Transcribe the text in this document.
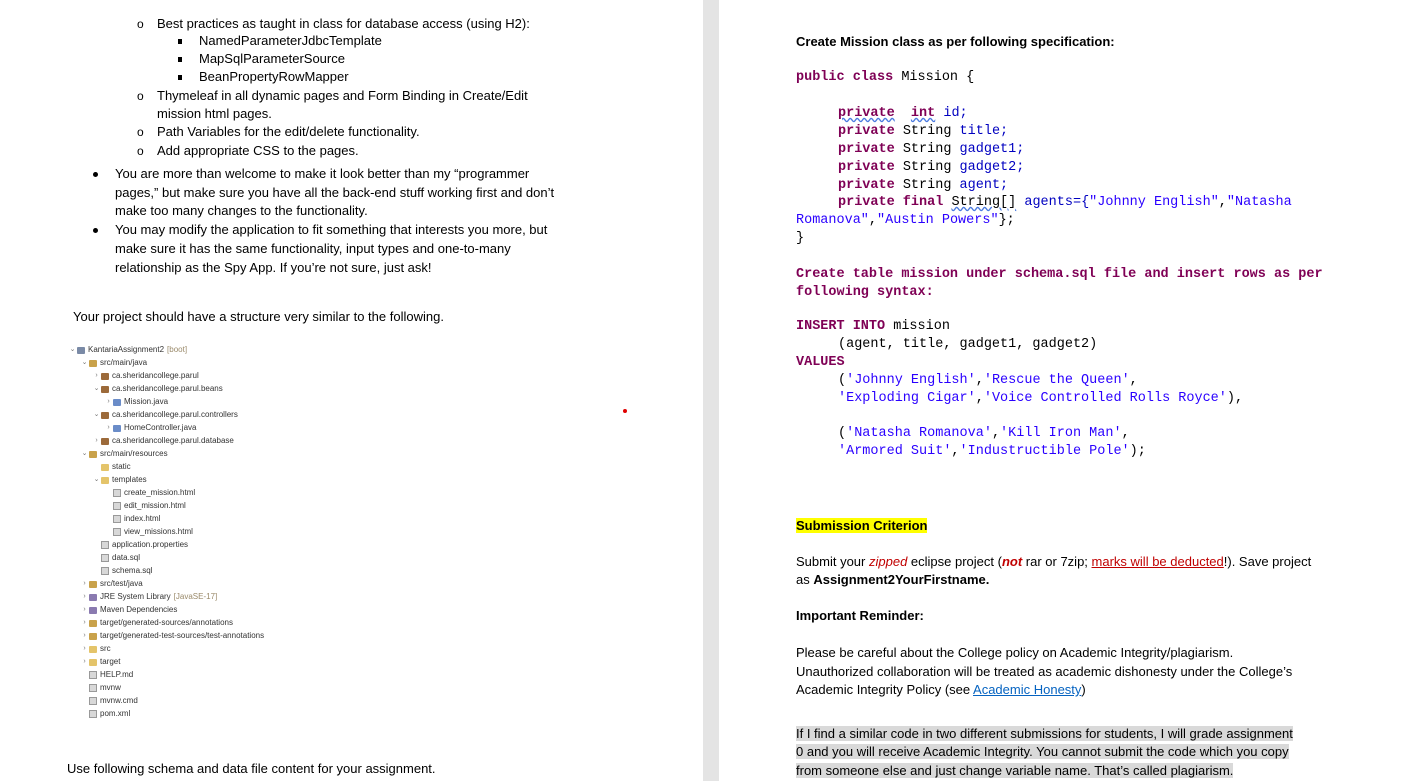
o Best practices as taught in class for database access (using H2):
NamedParameterJdbcTemplate
MapSqlParameterSource
BeanPropertyRowMapper
o Thymeleaf in all dynamic pages and Form Binding in Create/Edit
mission html pages.
o Path Variables for the edit/delete functionality.
o Add appropriate CSS to the pages.
You are more than welcome to make it look better than my “programmer
pages,” but make sure you have all the back-end stuff working first and don’t
make too many changes to the functionality.
You may modify the application to fit something that interests you more, but
make sure it has the same functionality, input types and one-to-many
relationship as the Spy App. If you’re not sure, just ask!
Your project should have a structure very similar to the following.
⌄ KantariaAssignment2 [boot]
⌄ src/main/java
›	ca.sheridancollege.parul
⌄ ca.sheridancollege.parul.beans
›	Mission.java
⌄ ca.sheridancollege.parul.controllers
›	HomeController.java
›	ca.sheridancollege.parul.database
⌄ src/main/resources
static
⌄ templates
create_mission.html
edit_mission.html
index.html
view_missions.html
application.properties
data.sql
schema.sql
›	src/test/java
›	JRE System Library [JavaSE-17]
›	Maven Dependencies
›	target/generated-sources/annotations
›	target/generated-test-sources/test-annotations
›	src
›	target
HELP.md
mvnw
mvnw.cmd
pom.xml
Use following schema and data file content for your assignment.
Create Mission class as per following specification:
public class Mission {
private int id;
private String title;
private String gadget1;
private String gadget2;
private String agent;
private final String[] agents={"Johnny English","Natasha
Romanova","Austin Powers"};
}
Create table mission under schema.sql file and insert rows as per
following syntax:
INSERT INTO mission
(agent, title, gadget1, gadget2)
VALUES
('Johnny English','Rescue the Queen',
'Exploding Cigar','Voice Controlled Rolls Royce'),
('Natasha Romanova','Kill Iron Man',
'Armored Suit','Industructible Pole');
Submission Criterion
Submit your zipped eclipse project (not rar or 7zip; marks will be deducted!). Save project
as Assignment2YourFirstname.
Important Reminder:
Please be careful about the College policy on Academic Integrity/plagiarism.
Unauthorized collaboration will be treated as academic dishonesty under the College’s
Academic Integrity Policy (see Academic Honesty)
If I find a similar code in two different submissions for students, I will grade assignment
0 and you will receive Academic Integrity. You cannot submit the code which you copy
from someone else and just change variable name. That’s called plagiarism.
